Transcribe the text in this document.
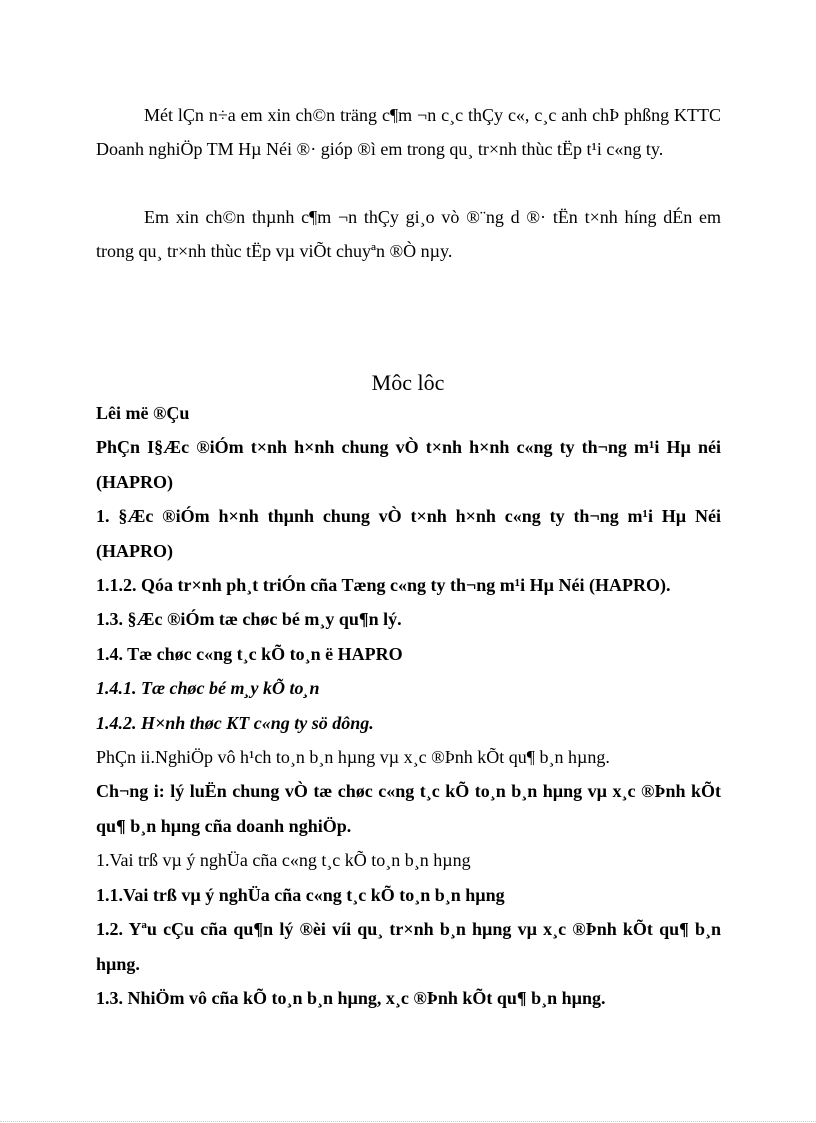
Mét lÇn n÷a em xin ch©n träng c¶m ¬n c¸c thÇy c«, c¸c anh chÞ phßng KTTC Doanh nghiÖp TM Hµ Néi ®· gióp ®ì em trong qu¸ tr×nh thùc tËp t¹i c«ng ty.

Em xin ch©n thµnh c¶m ¬n thÇy gi¸o vò ®¨ng d ®· tËn t×nh híng dÉn em trong qu¸ tr×nh thùc tËp vµ viÕt chuyªn ®Ò nµy.

Môc lôc
Lêi më ®Çu
PhÇn I§Æc ®iÓm t×nh h×nh chung vÒ t×nh h×nh c«ng ty th¬ng m¹i Hµ néi (HAPRO)
1. §Æc ®iÓm h×nh thµnh chung vÒ t×nh h×nh c«ng ty th¬ng m¹i Hµ Néi (HAPRO)
1.1.2. Qóa tr×nh ph¸t triÓn cña Tæng c«ng ty th¬ng m¹i Hµ Néi (HAPRO).
1.3. §Æc ®iÓm tæ chøc bé m¸y qu¶n lý.
1.4. Tæ chøc c«ng t¸c kÕ to¸n ë HAPRO
1.4.1. Tæ chøc bé m¸y kÕ to¸n
1.4.2. H×nh thøc KT c«ng ty sö dông.
PhÇn ii.NghiÖp vô h¹ch to¸n b¸n hµng vµ x¸c ®Þnh kÕt qu¶ b¸n hµng.
Ch¬ng i: lý luËn chung vÒ tæ chøc c«ng t¸c kÕ to¸n b¸n hµng vµ x¸c ®Þnh kÕt qu¶ b¸n hµng cña doanh nghiÖp.
1.Vai trß vµ ý nghÜa cña c«ng t¸c kÕ to¸n b¸n hµng
1.1.Vai trß vµ ý nghÜa cña c«ng t¸c kÕ to¸n b¸n hµng
1.2. Yªu cÇu cña qu¶n lý ®èi víi qu¸ tr×nh b¸n hµng vµ x¸c ®Þnh kÕt qu¶ b¸n hµng.
1.3. NhiÖm vô cña kÕ to¸n b¸n hµng, x¸c ®Þnh kÕt qu¶ b¸n hµng.
